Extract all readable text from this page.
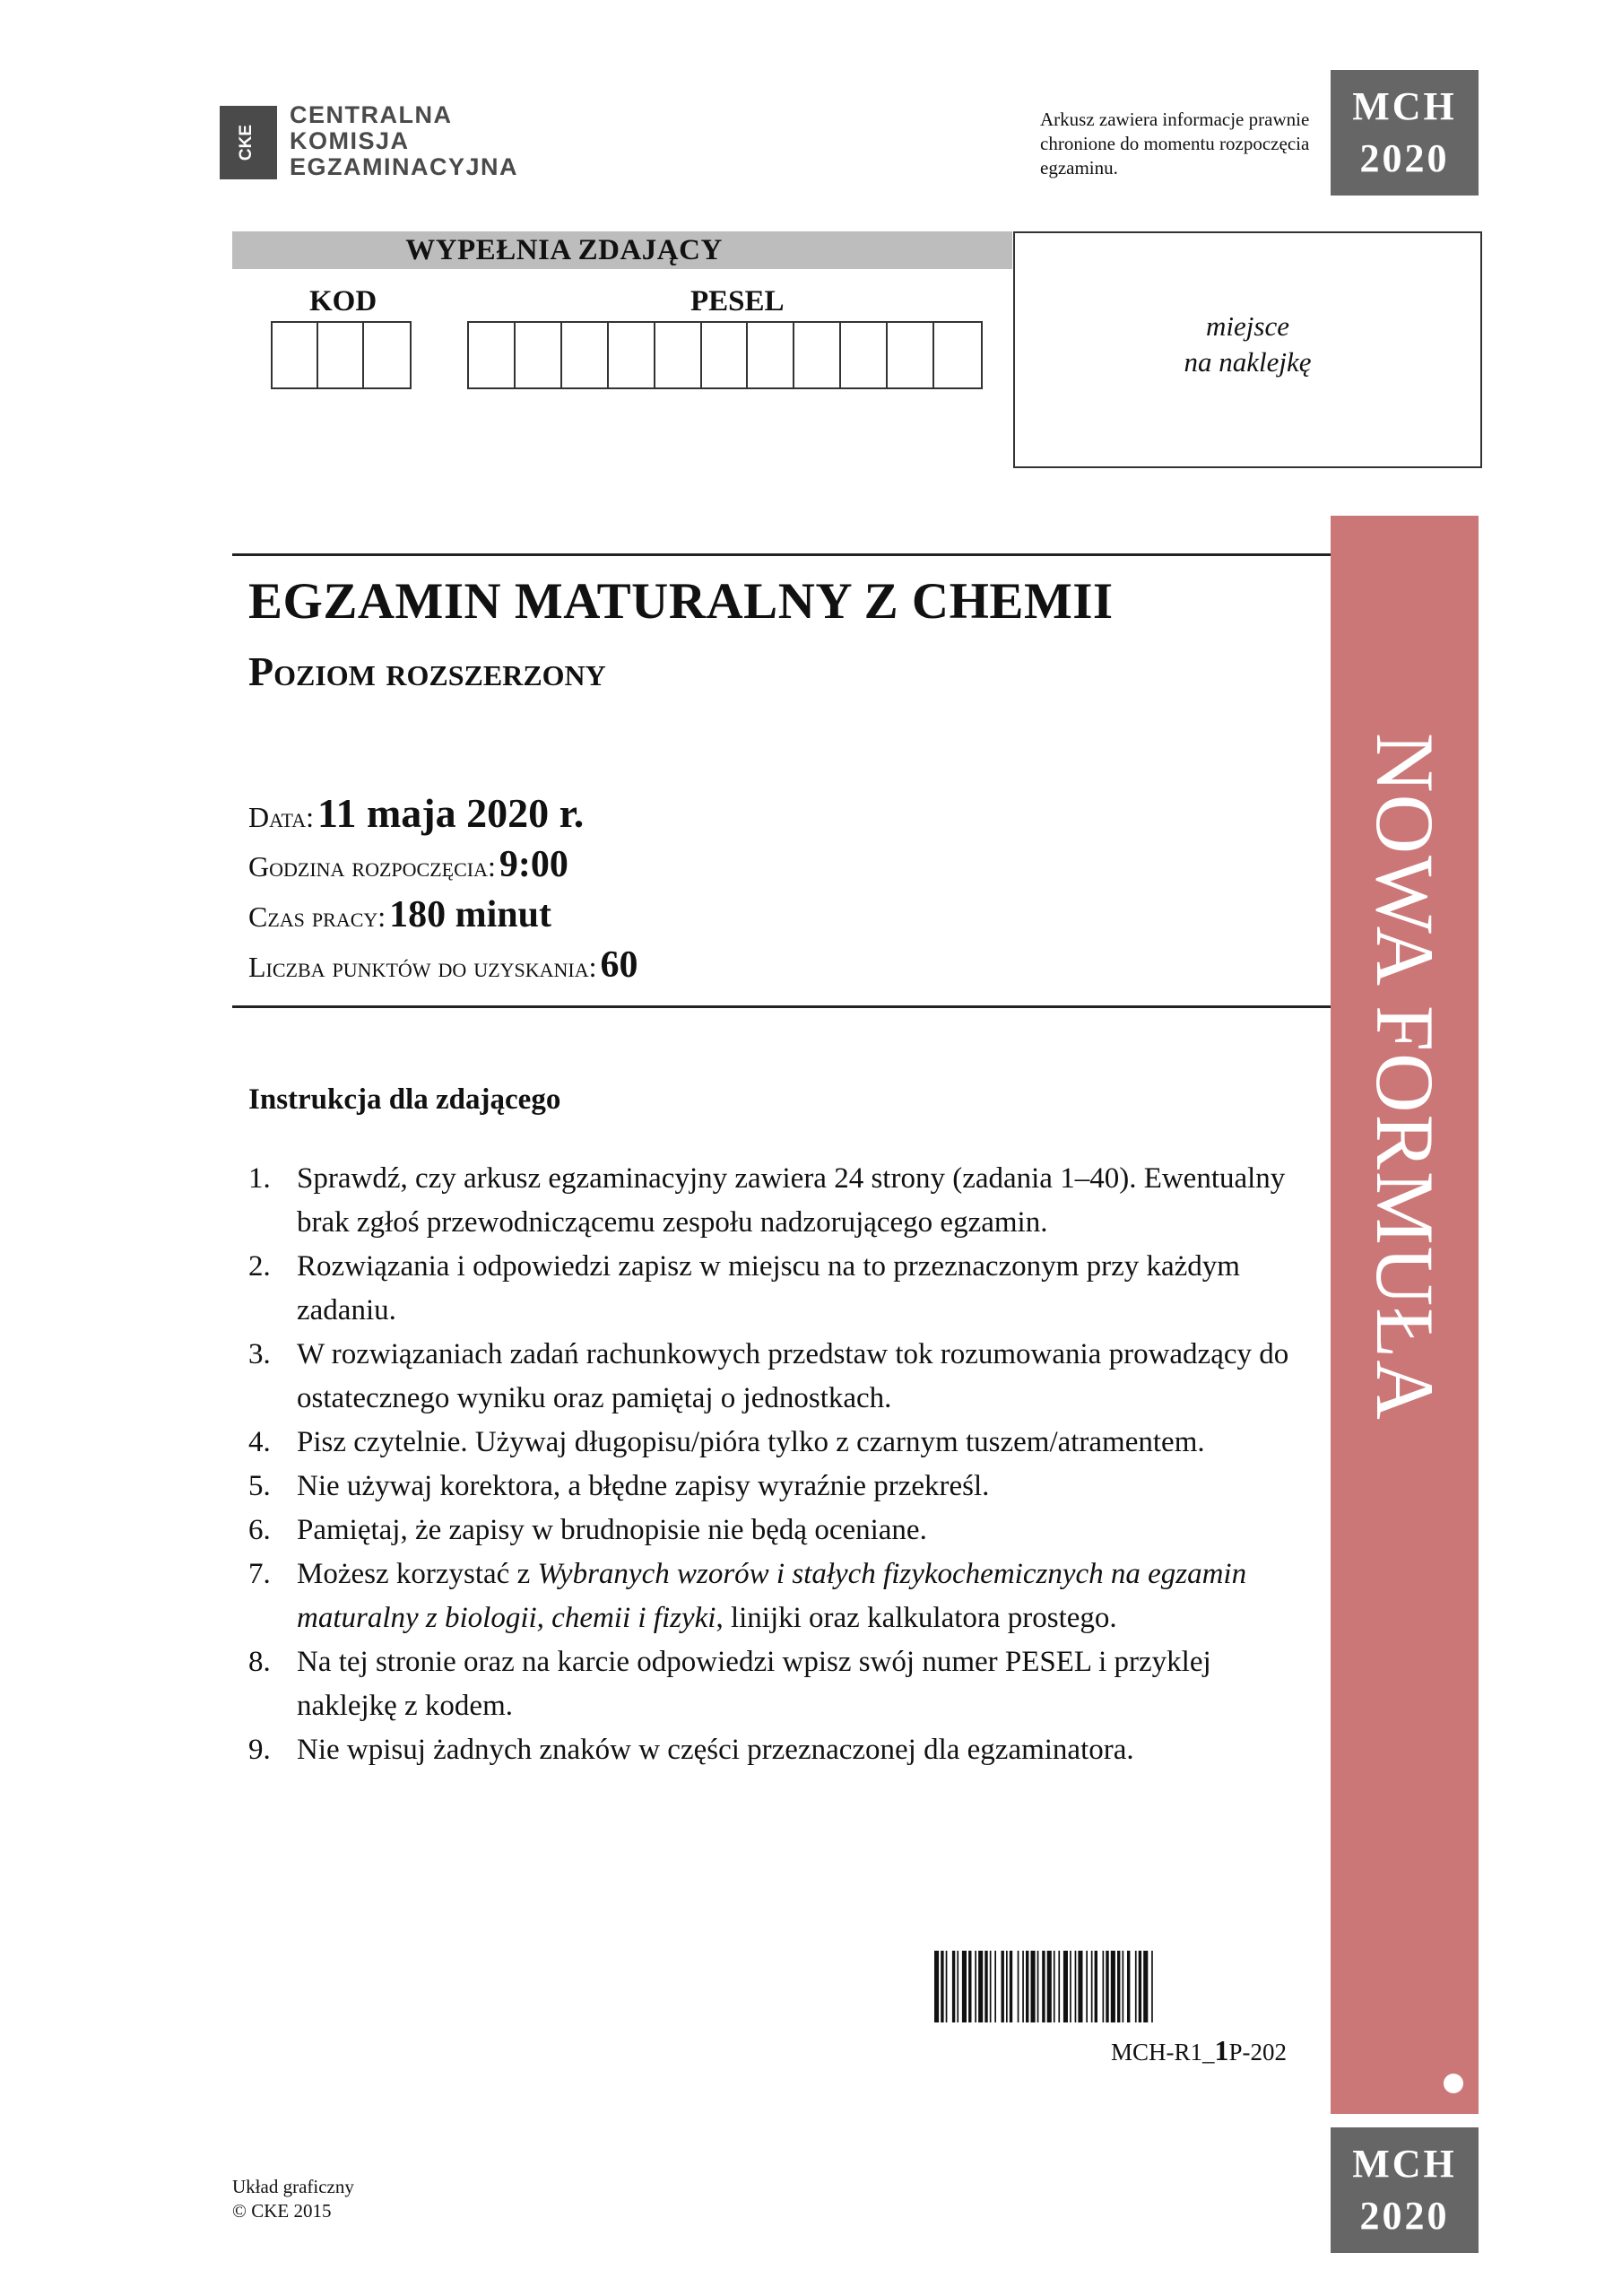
CKE
CENTRALNA
KOMISJA
EGZAMINACYJNA
Arkusz zawiera informacje prawnie chronione do momentu rozpoczęcia egzaminu.
MCH
2020
WYPEŁNIA ZDAJĄCY
KOD	PESEL
miejsce
na naklejkę
NOWA FORMUŁA
EGZAMIN MATURALNY Z CHEMII
Poziom rozszerzony
Data: 11 maja 2020 r.
Godzina rozpoczęcia: 9:00
Czas pracy: 180 minut
Liczba punktów do uzyskania: 60
Instrukcja dla zdającego
1. Sprawdź, czy arkusz egzaminacyjny zawiera 24 strony (zadania 1–40). Ewentualny brak zgłoś przewodniczącemu zespołu nadzorującego egzamin.
2. Rozwiązania i odpowiedzi zapisz w miejscu na to przeznaczonym przy każdym zadaniu.
3. W rozwiązaniach zadań rachunkowych przedstaw tok rozumowania prowadzący do ostatecznego wyniku oraz pamiętaj o jednostkach.
4. Pisz czytelnie. Używaj długopisu/pióra tylko z czarnym tuszem/atramentem.
5. Nie używaj korektora, a błędne zapisy wyraźnie przekreśl.
6. Pamiętaj, że zapisy w brudnopisie nie będą oceniane.
7. Możesz korzystać z Wybranych wzorów i stałych fizykochemicznych na egzamin maturalny z biologii, chemii i fizyki, linijki oraz kalkulatora prostego.
8. Na tej stronie oraz na karcie odpowiedzi wpisz swój numer PESEL i przyklej naklejkę z kodem.
9. Nie wpisuj żadnych znaków w części przeznaczonej dla egzaminatora.
MCH-R1_1P-202
MCH
2020
Układ graficzny
© CKE 2015
